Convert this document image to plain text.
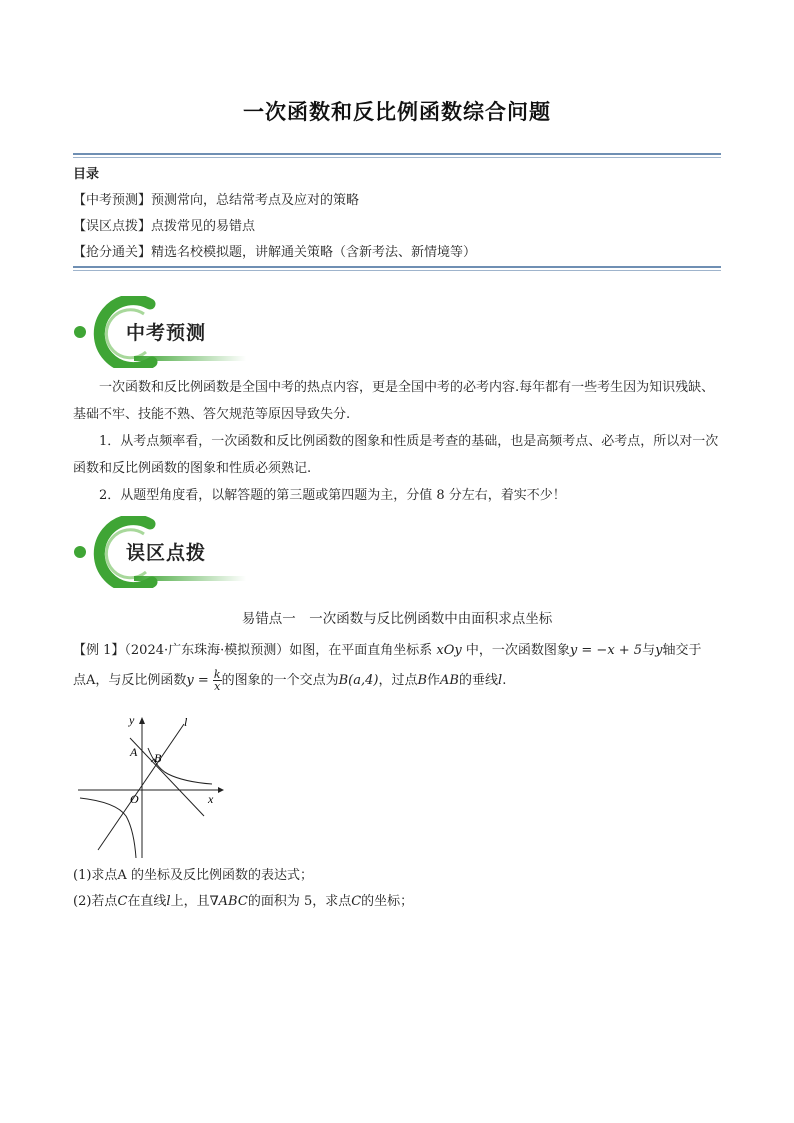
一次函数和反比例函数综合问题
目录
【中考预测】预测常向，总结常考点及应对的策略
【误区点拨】点拨常见的易错点
【抢分通关】精选名校模拟题，讲解通关策略（含新考法、新情境等）
中考预测
一次函数和反比例函数是全国中考的热点内容，更是全国中考的必考内容.每年都有一些考生因为知识残缺、基础不牢、技能不熟、答欠规范等原因导致失分.
1．从考点频率看，一次函数和反比例函数的图象和性质是考查的基础，也是高频考点、必考点，所以对一次函数和反比例函数的图象和性质必须熟记.
2．从题型角度看，以解答题的第三题或第四题为主，分值 8 分左右，着实不少！
误区点拨
易错点一　一次函数与反比例函数中由面积求点坐标
【例 1】（2024·广东珠海·模拟预测）如图，在平面直角坐标系 xOy 中，一次函数图象y = −x + 5与y轴交于
点A，与反比例函数$y = \frac{k}{x}$ 的图象的一个交点为B(a,4)，过点B作AB的垂线l.
y	l
A B
O	x
(1)求点A 的坐标及反比例函数的表达式；
(2)若点C在直线l上，且∇ABC的面积为 5，求点C的坐标；
